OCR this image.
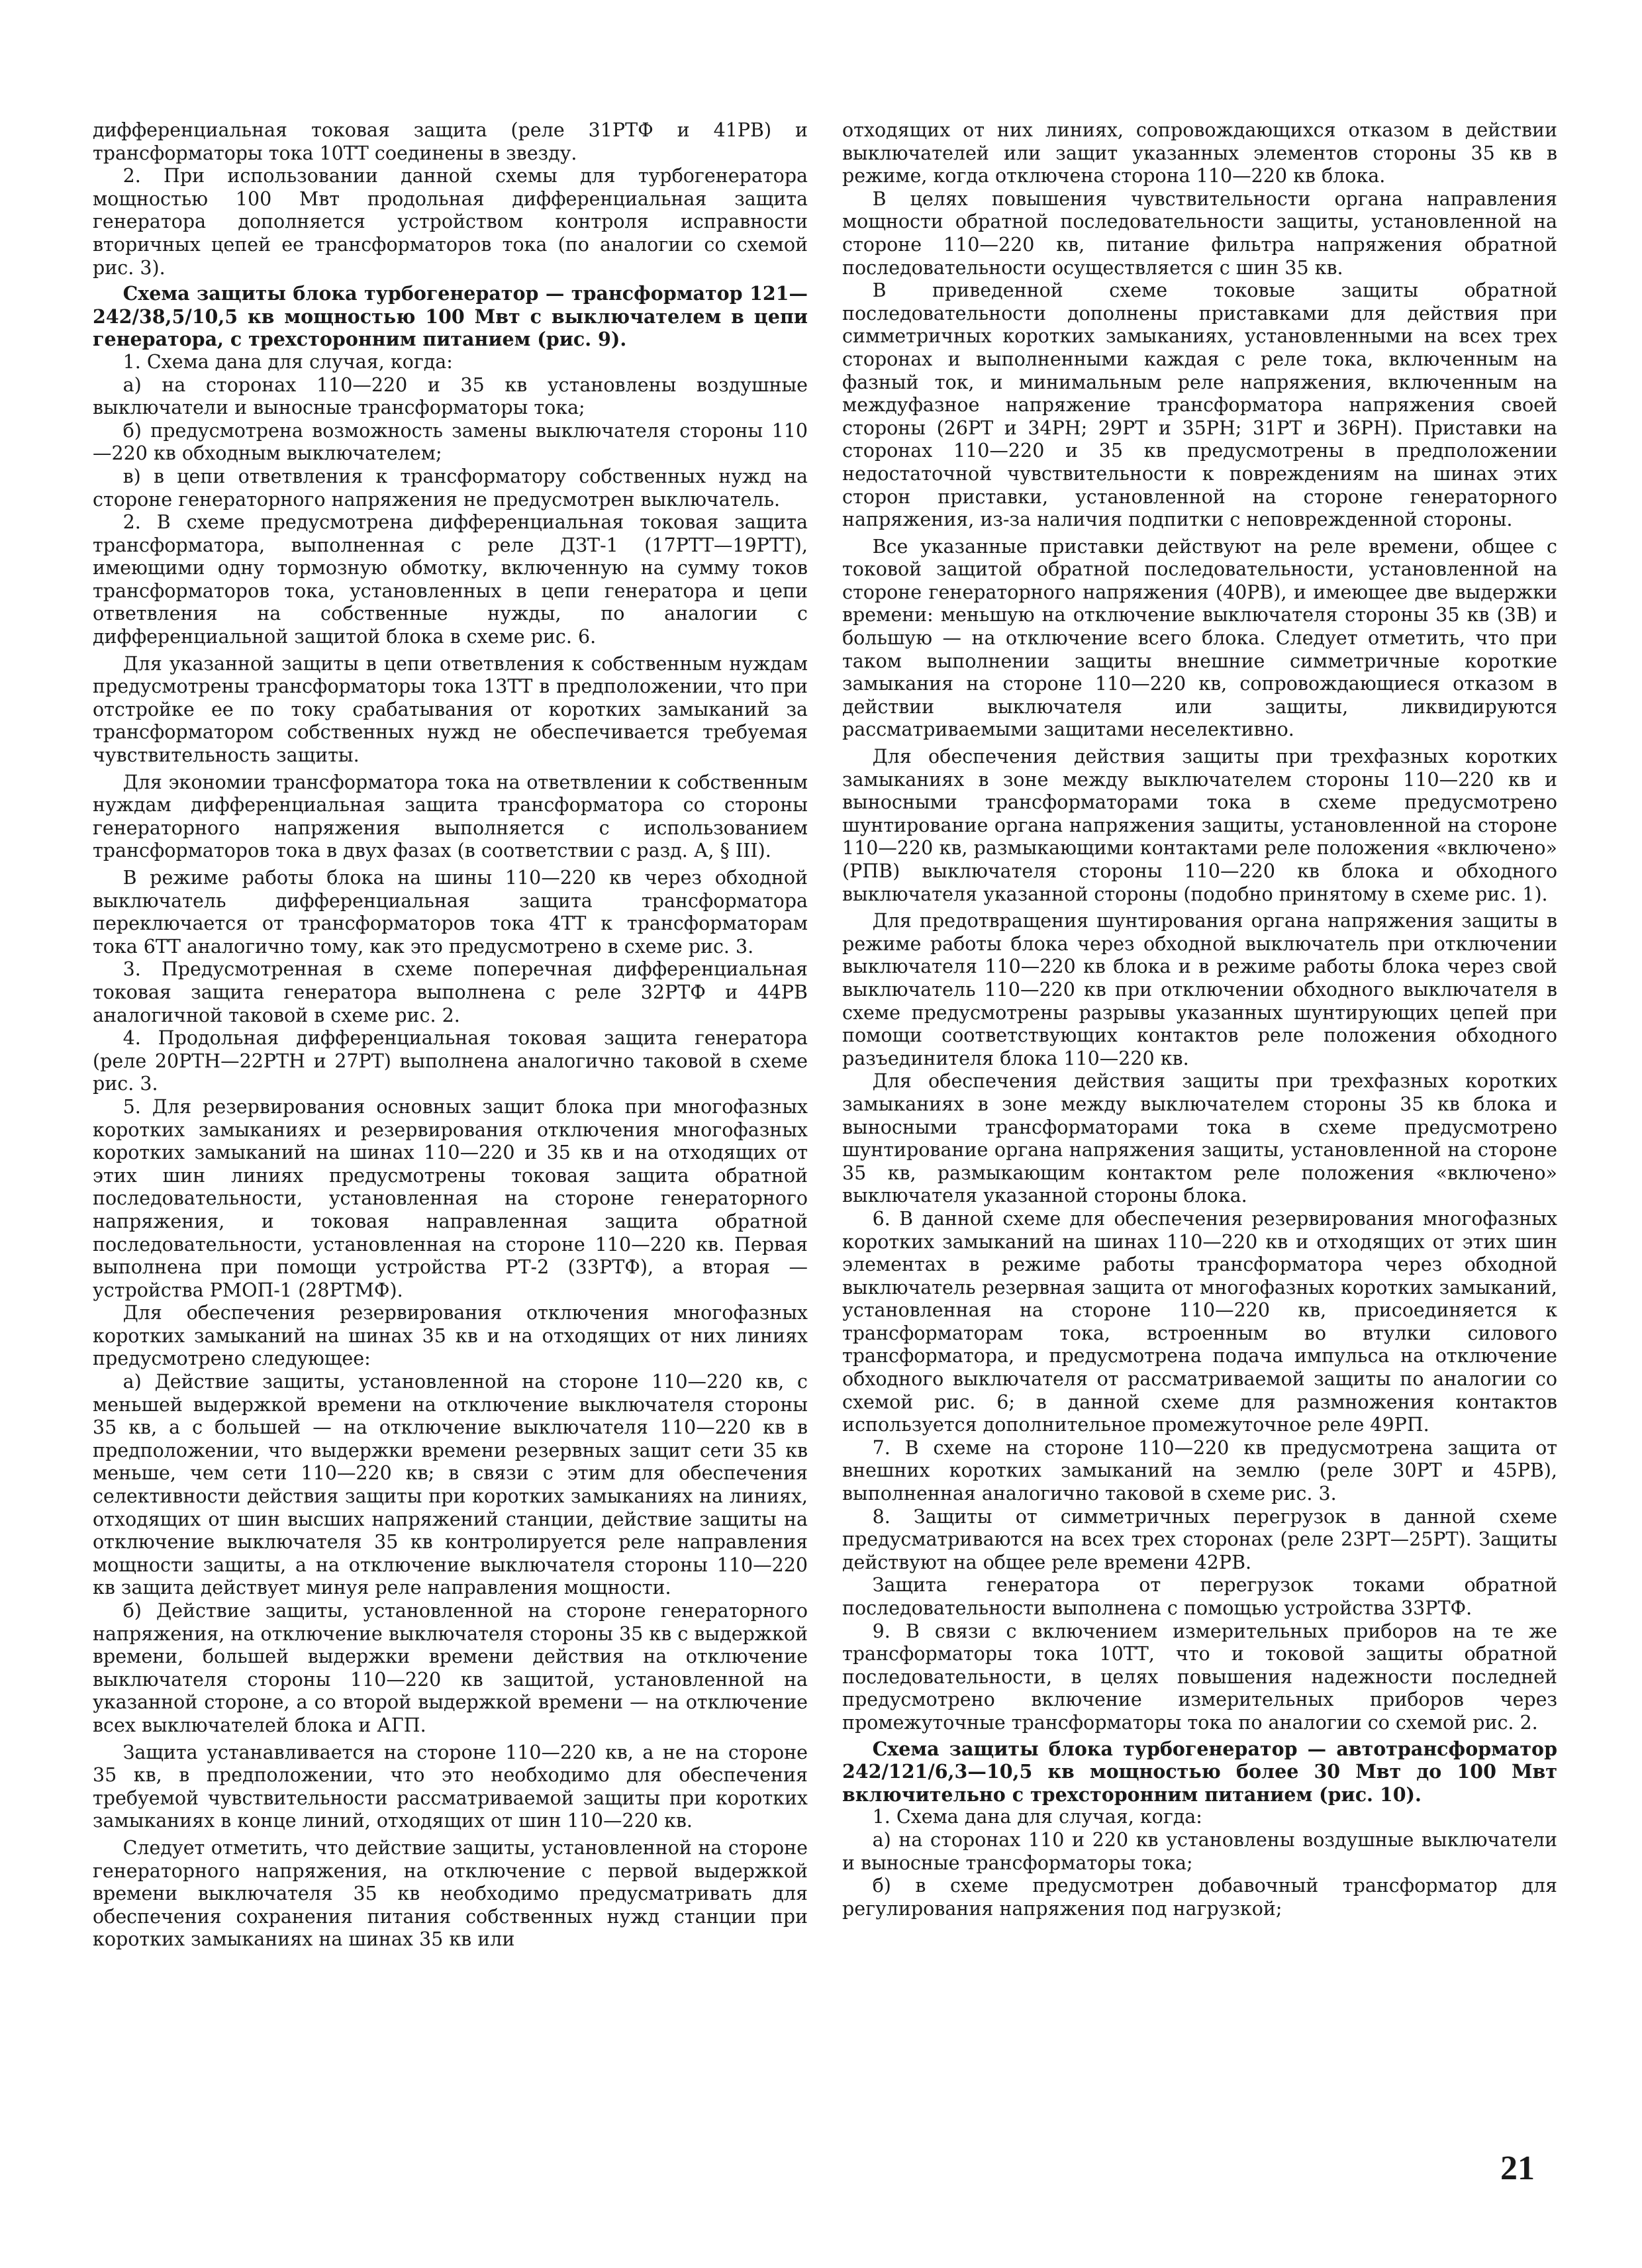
дифференциальная токовая защита (реле 31РТФ и 41РВ) и трансформаторы тока 10ТТ соединены в звезду.

2. При использовании данной схемы для турбогенератора мощностью 100 Мвт продольная дифференциальная защита генератора дополняется устройством контроля исправности вторичных цепей ее трансформаторов тока (по аналогии со схемой рис. 3).

Схема защиты блока турбогенератор — трансформатор 121—242/38,5/10,5 кв мощностью 100 Мвт с выключателем в цепи генератора, с трехсторонним питанием (рис. 9).

1. Схема дана для случая, когда:

а) на сторонах 110—220 и 35 кв установлены воздушные выключатели и выносные трансформаторы тока;

б) предусмотрена возможность замены выключателя стороны 110—220 кв обходным выключателем;

в) в цепи ответвления к трансформатору собственных нужд на стороне генераторного напряжения не предусмотрен выключатель.

2. В схеме предусмотрена дифференциальная токовая защита трансформатора, выполненная с реле ДЗТ-1 (17РТТ—19РТТ), имеющими одну тормозную обмотку, включенную на сумму токов трансформаторов тока, установленных в цепи генератора и цепи ответвления на собственные нужды, по аналогии с дифференциальной защитой блока в схеме рис. 6.

Для указанной защиты в цепи ответвления к собственным нуждам предусмотрены трансформаторы тока 13ТТ в предположении, что при отстройке ее по току срабатывания от коротких замыканий за трансформатором собственных нужд не обеспечивается требуемая чувствительность защиты.

Для экономии трансформатора тока на ответвлении к собственным нуждам дифференциальная защита трансформатора со стороны генераторного напряжения выполняется с использованием трансформаторов тока в двух фазах (в соответствии с разд. А, § III).

В режиме работы блока на шины 110—220 кв через обходной выключатель дифференциальная защита трансформатора переключается от трансформаторов тока 4ТТ к трансформаторам тока 6ТТ аналогично тому, как это предусмотрено в схеме рис. 3.

3. Предусмотренная в схеме поперечная дифференциальная токовая защита генератора выполнена с реле 32РТФ и 44РВ аналогичной таковой в схеме рис. 2.

4. Продольная дифференциальная токовая защита генератора (реле 20РТН—22РТН и 27РТ) выполнена аналогично таковой в схеме рис. 3.

5. Для резервирования основных защит блока при многофазных коротких замыканиях и резервирования отключения многофазных коротких замыканий на шинах 110—220 и 35 кв и на отходящих от этих шин линиях предусмотрены токовая защита обратной последовательности, установленная на стороне генераторного напряжения, и токовая направленная защита обратной последовательности, установленная на стороне 110—220 кв. Первая выполнена при помощи устройства РТ-2 (33РТФ), а вторая — устройства РМОП-1 (28РТМФ).

Для обеспечения резервирования отключения многофазных коротких замыканий на шинах 35 кв и на отходящих от них линиях предусмотрено следующее:

а) Действие защиты, установленной на стороне 110—220 кв, с меньшей выдержкой времени на отключение выключателя стороны 35 кв, а с большей — на отключение выключателя 110—220 кв в предположении, что выдержки времени резервных защит сети 35 кв меньше, чем сети 110—220 кв; в связи с этим для обеспечения селективности действия защиты при коротких замыканиях на линиях, отходящих от шин высших напряжений станции, действие защиты на отключение выключателя 35 кв контролируется реле направления мощности защиты, а на отключение выключателя стороны 110—220 кв защита действует минуя реле направления мощности.

б) Действие защиты, установленной на стороне генераторного напряжения, на отключение выключателя стороны 35 кв с выдержкой времени, большей выдержки времени действия на отключение выключателя стороны 110—220 кв защитой, установленной на указанной стороне, а со второй выдержкой времени — на отключение всех выключателей блока и АГП.

Защита устанавливается на стороне 110—220 кв, а не на стороне 35 кв, в предположении, что это необходимо для обеспечения требуемой чувствительности рассматриваемой защиты при коротких замыканиях в конце линий, отходящих от шин 110—220 кв.

Следует отметить, что действие защиты, установленной на стороне генераторного напряжения, на отключение с первой выдержкой времени выключателя 35 кв необходимо предусматривать для обеспечения сохранения питания собственных нужд станции при коротких замыканиях на шинах 35 кв или

отходящих от них линиях, сопровождающихся отказом в действии выключателей или защит указанных элементов стороны 35 кв в режиме, когда отключена сторона 110—220 кв блока.

В целях повышения чувствительности органа направления мощности обратной последовательности защиты, установленной на стороне 110—220 кв, питание фильтра напряжения обратной последовательности осуществляется с шин 35 кв.

В приведенной схеме токовые защиты обратной последовательности дополнены приставками для действия при симметричных коротких замыканиях, установленными на всех трех сторонах и выполненными каждая с реле тока, включенным на фазный ток, и минимальным реле напряжения, включенным на междуфазное напряжение трансформатора напряжения своей стороны (26РТ и 34РН; 29РТ и 35РН; 31РТ и 36РН). Приставки на сторонах 110—220 и 35 кв предусмотрены в предположении недостаточной чувствительности к повреждениям на шинах этих сторон приставки, установленной на стороне генераторного напряжения, из-за наличия подпитки с неповрежденной стороны.

Все указанные приставки действуют на реле времени, общее с токовой защитой обратной последовательности, установленной на стороне генераторного напряжения (40РВ), и имеющее две выдержки времени: меньшую на отключение выключателя стороны 35 кв (3В) и большую — на отключение всего блока. Следует отметить, что при таком выполнении защиты внешние симметричные короткие замыкания на стороне 110—220 кв, сопровождающиеся отказом в действии выключателя или защиты, ликвидируются рассматриваемыми защитами неселективно.

Для обеспечения действия защиты при трехфазных коротких замыканиях в зоне между выключателем стороны 110—220 кв и выносными трансформаторами тока в схеме предусмотрено шунтирование органа напряжения защиты, установленной на стороне 110—220 кв, размыкающими контактами реле положения «включено» (РПВ) выключателя стороны 110—220 кв блока и обходного выключателя указанной стороны (подобно принятому в схеме рис. 1).

Для предотвращения шунтирования органа напряжения защиты в режиме работы блока через обходной выключатель при отключении выключателя 110—220 кв блока и в режиме работы блока через свой выключатель 110—220 кв при отключении обходного выключателя в схеме предусмотрены разрывы указанных шунтирующих цепей при помощи соответствующих контактов реле положения обходного разъединителя блока 110—220 кв.

Для обеспечения действия защиты при трехфазных коротких замыканиях в зоне между выключателем стороны 35 кв блока и выносными трансформаторами тока в схеме предусмотрено шунтирование органа напряжения защиты, установленной на стороне 35 кв, размыкающим контактом реле положения «включено» выключателя указанной стороны блока.

6. В данной схеме для обеспечения резервирования многофазных коротких замыканий на шинах 110—220 кв и отходящих от этих шин элементах в режиме работы трансформатора через обходной выключатель резервная защита от многофазных коротких замыканий, установленная на стороне 110—220 кв, присоединяется к трансформаторам тока, встроенным во втулки силового трансформатора, и предусмотрена подача импульса на отключение обходного выключателя от рассматриваемой защиты по аналогии со схемой рис. 6; в данной схеме для размножения контактов используется дополнительное промежуточное реле 49РП.

7. В схеме на стороне 110—220 кв предусмотрена защита от внешних коротких замыканий на землю (реле 30РТ и 45РВ), выполненная аналогично таковой в схеме рис. 3.

8. Защиты от симметричных перегрузок в данной схеме предусматриваются на всех трех сторонах (реле 23РТ—25РТ). Защиты действуют на общее реле времени 42РВ.

Защита генератора от перегрузок токами обратной последовательности выполнена с помощью устройства 33РТФ.

9. В связи с включением измерительных приборов на те же трансформаторы тока 10ТТ, что и токовой защиты обратной последовательности, в целях повышения надежности последней предусмотрено включение измерительных приборов через промежуточные трансформаторы тока по аналогии со схемой рис. 2.

Схема защиты блока турбогенератор — автотрансформатор 242/121/6,3—10,5 кв мощностью более 30 Мвт до 100 Мвт включительно с трехсторонним питанием (рис. 10).

1. Схема дана для случая, когда:

а) на сторонах 110 и 220 кв установлены воздушные выключатели и выносные трансформаторы тока;

б) в схеме предусмотрен добавочный трансформатор для регулирования напряжения под нагрузкой;

21
